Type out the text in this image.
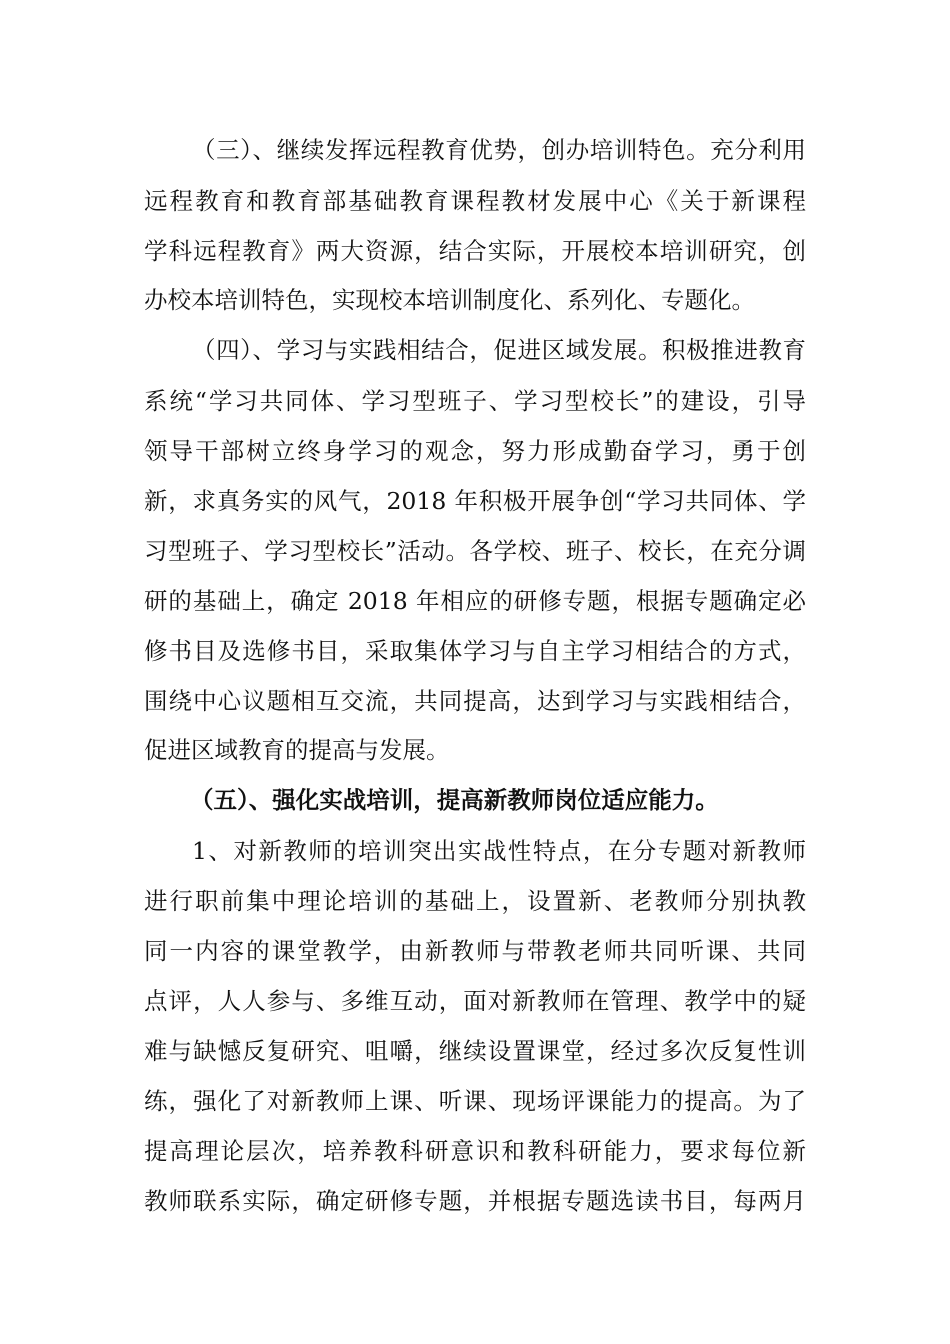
（三）、继续发挥远程教育优势，创办培训特色。充分利用
远程教育和教育部基础教育课程教材发展中心《关于新课程
学科远程教育》两大资源，结合实际，开展校本培训研究，创
办校本培训特色，实现校本培训制度化、系列化、专题化。
（四）、学习与实践相结合，促进区域发展。积极推进教育
系统“学习共同体、学习型班子、学习型校长”的建设，引导
领导干部树立终身学习的观念，努力形成勤奋学习，勇于创
新，求真务实的风气，2018 年积极开展争创“学习共同体、学
习型班子、学习型校长”活动。各学校、班子、校长，在充分调
研的基础上，确定 2018 年相应的研修专题，根据专题确定必
修书目及选修书目，采取集体学习与自主学习相结合的方式，
围绕中心议题相互交流，共同提高，达到学习与实践相结合，
促进区域教育的提高与发展。
（五）、强化实战培训，提高新教师岗位适应能力。
1、对新教师的培训突出实战性特点，在分专题对新教师
进行职前集中理论培训的基础上，设置新、老教师分别执教
同一内容的课堂教学，由新教师与带教老师共同听课、共同
点评，人人参与、多维互动，面对新教师在管理、教学中的疑
难与缺憾反复研究、咀嚼，继续设置课堂，经过多次反复性训
练，强化了对新教师上课、听课、现场评课能力的提高。为了
提高理论层次，培养教科研意识和教科研能力，要求每位新
教师联系实际，确定研修专题，并根据专题选读书目，每两月
